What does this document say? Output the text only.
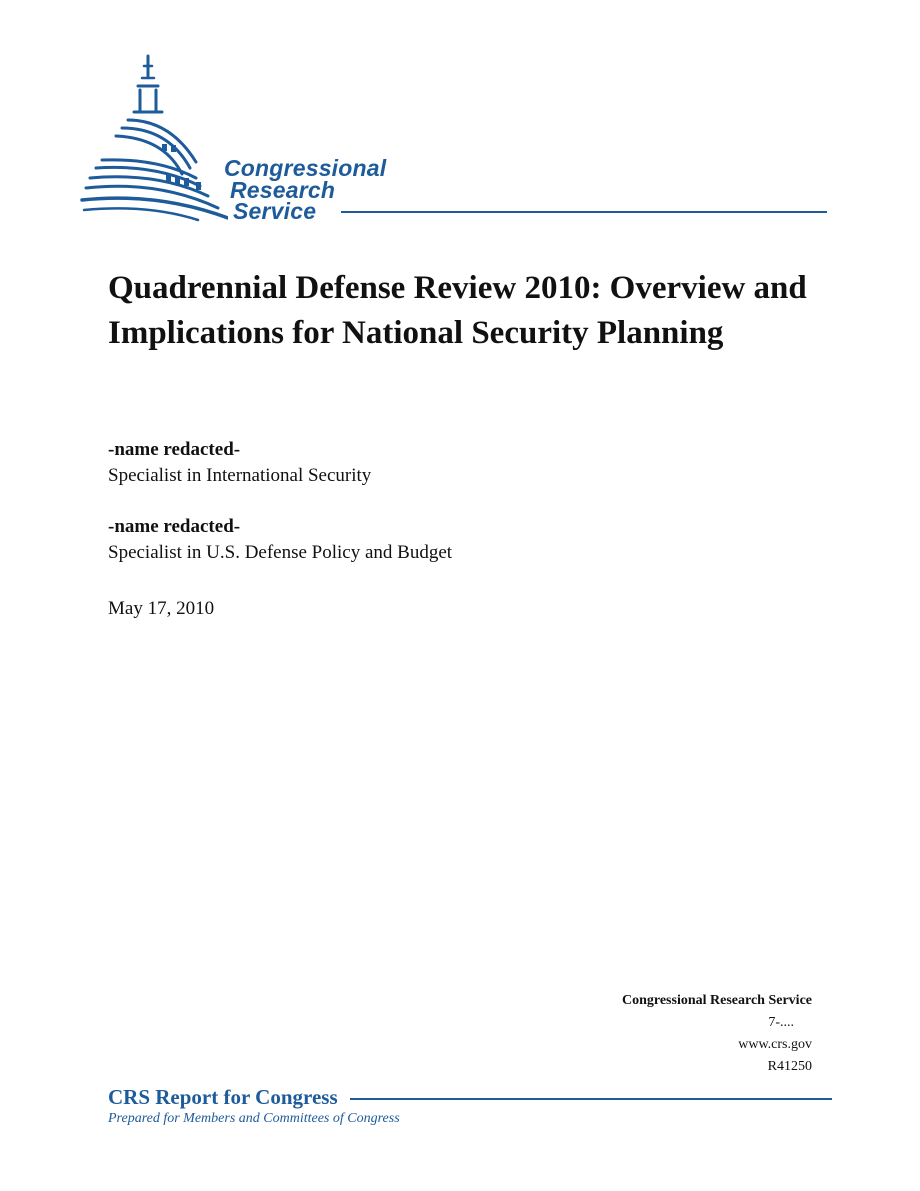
Congressional
Research
Service
Quadrennial Defense Review 2010: Overview and Implications for National Security Planning
-name redacted-
Specialist in International Security
-name redacted-
Specialist in U.S. Defense Policy and Budget
May 17, 2010
Congressional Research Service
7-....
www.crs.gov
R41250
CRS Report for Congress
Prepared for Members and Committees of Congress
